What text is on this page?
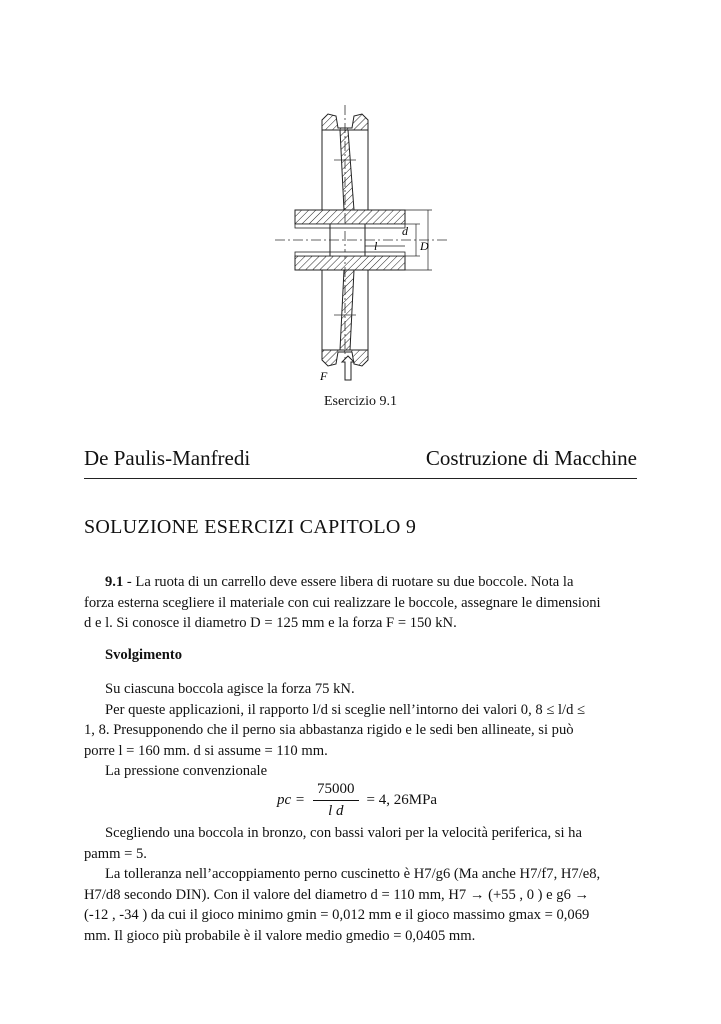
d
D
l
F
Esercizio 9.1
De Paulis-Manfredi	Costruzione di Macchine
SOLUZIONE ESERCIZI CAPITOLO 9
9.1 - La ruota di un carrello deve essere libera di ruotare su due boccole. Nota la
forza esterna scegliere il materiale con cui realizzare le boccole, assegnare le dimensioni
d e l. Si conosce il diametro D = 125 mm e la forza F = 150 kN.
Svolgimento
Su ciascuna boccola agisce la forza 75 kN.
Per queste applicazioni, il rapporto l/d si sceglie nell’intorno dei valori 0, 8 ≤ l/d ≤
1, 8. Presupponendo che il perno sia abbastanza rigido e le sedi ben allineate, si può
porre l = 160 mm. d si assume = 110 mm.
La pressione convenzionale
pc = $\frac{75000}{\text{l d}} = 4$, 26MPa
Scegliendo una boccola in bronzo, con bassi valori per la velocità periferica, si ha
pamm = 5.
La tolleranza nell’accoppiamento perno cuscinetto è H7/g6 (Ma anche H7/f7, H7/e8,
H7/d8 secondo DIN). Con il valore del diametro d = 110 mm, H7 → (+55 , 0 ) e g6 →
(-12 , -34 ) da cui il gioco minimo gmin = 0,012 mm e il gioco massimo gmax = 0,069
mm. Il gioco più probabile è il valore medio gmedio = 0,0405 mm.
